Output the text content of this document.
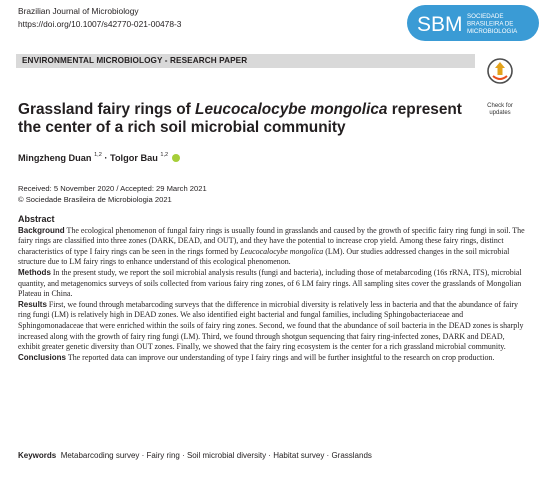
Brazilian Journal of Microbiology
https://doi.org/10.1007/s42770-021-00478-3	SBM SOCIEDADE
BRASILEIRA DE
MICROBIOLOGIA
ENVIRONMENTAL MICROBIOLOGY - RESEARCH PAPER
Check for
updates
Grassland fairy rings of Leucocalocybe mongolica represent the center of a rich soil microbial community
Mingzheng Duan $^{1,2}$ · Tolgor Bau $^{1,2}$
Received: 5 November 2020 / Accepted: 29 March 2021
© Sociedade Brasileira de Microbiologia 2021
Abstract

Background The ecological phenomenon of fungal fairy rings is usually found in grasslands and caused by the growth of specific fairy ring fungi in soil. The fairy rings are classified into three zones (DARK, DEAD, and OUT), and they have the potential to increase crop yield. Among these fairy rings, distinct characteristics of type I fairy rings can be seen in the rings formed by Leucocalocybe mongolica (LM). Our studies addressed changes in the soil microbial structure due to LM fairy rings to enhance understand of this ecological phenomenon.

Methods In the present study, we report the soil microbial analysis results (fungi and bacteria), including those of metabarcoding (16s rRNA, ITS), microbial quantity, and metagenomics surveys of soils collected from various fairy ring zones, of 6 LM fairy rings. All sampling sites cover the grasslands of Mongolian Plateau in China.

Results First, we found through metabarcoding surveys that the difference in microbial diversity is relatively less in bacteria and that the abundance of fairy ring fungi (LM) is relatively high in DEAD zones. We also identified eight bacterial and fungal families, including Sphingobacteriaceae and Sphingomonadaceae that were enriched within the soils of fairy ring zones. Second, we found that the abundance of soil bacteria in the DEAD zones is sharply increased along with the growth of fairy ring fungi (LM). Third, we found through shotgun sequencing that fairy ring-infected zones, DARK and DEAD, exhibit greater genetic diversity than OUT zones. Finally, we showed that the fairy ring ecosystem is the center for a rich grassland microbial community.

Conclusions The reported data can improve our understanding of type I fairy rings and will be further insightful to the research on crop production.

Keywords Metabarcoding survey · Fairy ring · Soil microbial diversity · Habitat survey · Grasslands
